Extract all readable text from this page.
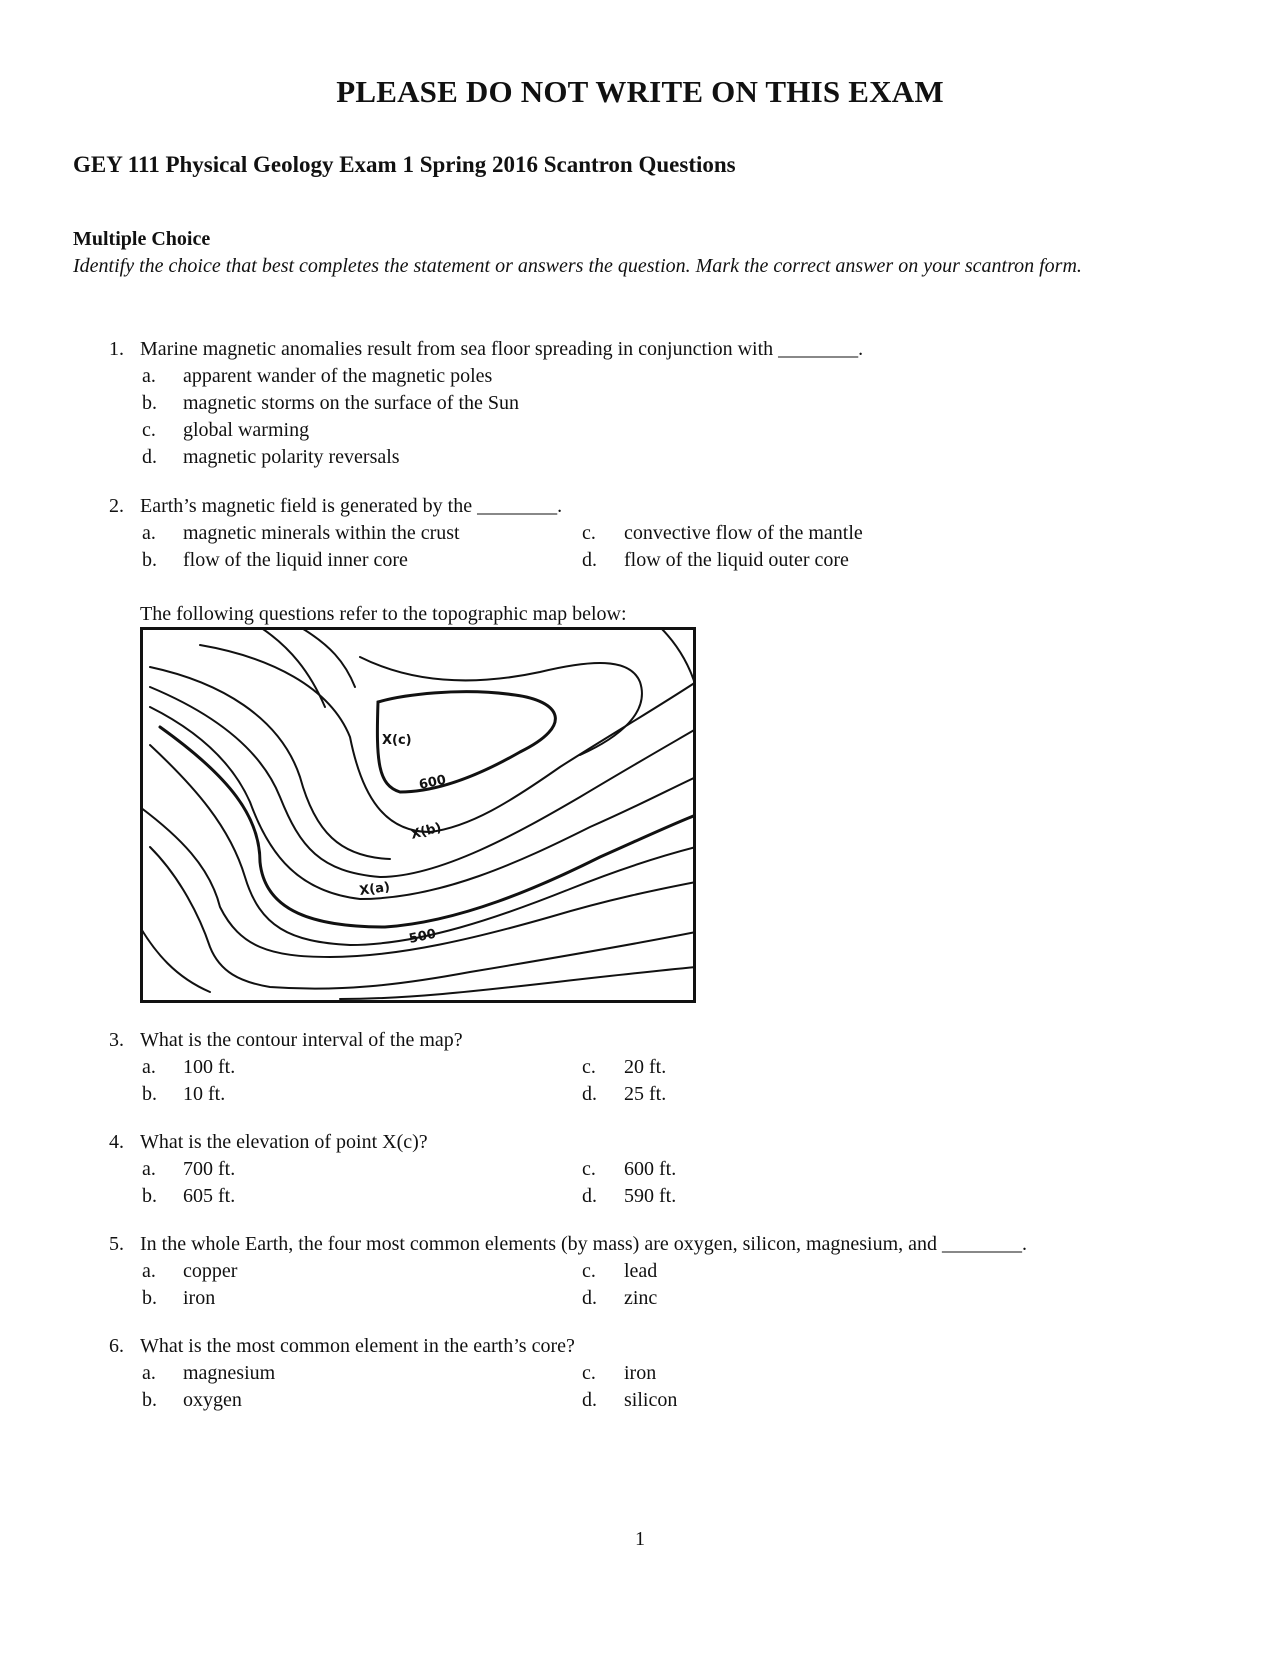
PLEASE DO NOT WRITE ON THIS EXAM
GEY 111 Physical Geology Exam 1 Spring 2016 Scantron Questions
Multiple Choice
Identify the choice that best completes the statement or answers the question. Mark the correct answer on your scantron form.
1. Marine magnetic anomalies result from sea floor spreading in conjunction with ________.
a. apparent wander of the magnetic poles
b. magnetic storms on the surface of the Sun
c. global warming
d. magnetic polarity reversals
2. Earth’s magnetic field is generated by the ________.
a. magnetic minerals within the crust
b. flow of the liquid inner core
c. convective flow of the mantle
d. flow of the liquid outer core
The following questions refer to the topographic map below:
X(c)
600
X(b)
X(a)
500
3. What is the contour interval of the map?
a. 100 ft.
b. 10 ft.
c. 20 ft.
d. 25 ft.
4. What is the elevation of point X(c)?
a. 700 ft.
b. 605 ft.
c. 600 ft.
d. 590 ft.
5. In the whole Earth, the four most common elements (by mass) are oxygen, silicon, magnesium, and ________.
a. copper
b. iron
c. lead
d. zinc
6. What is the most common element in the earth’s core?
a. magnesium
b. oxygen
c. iron
d. silicon
1
